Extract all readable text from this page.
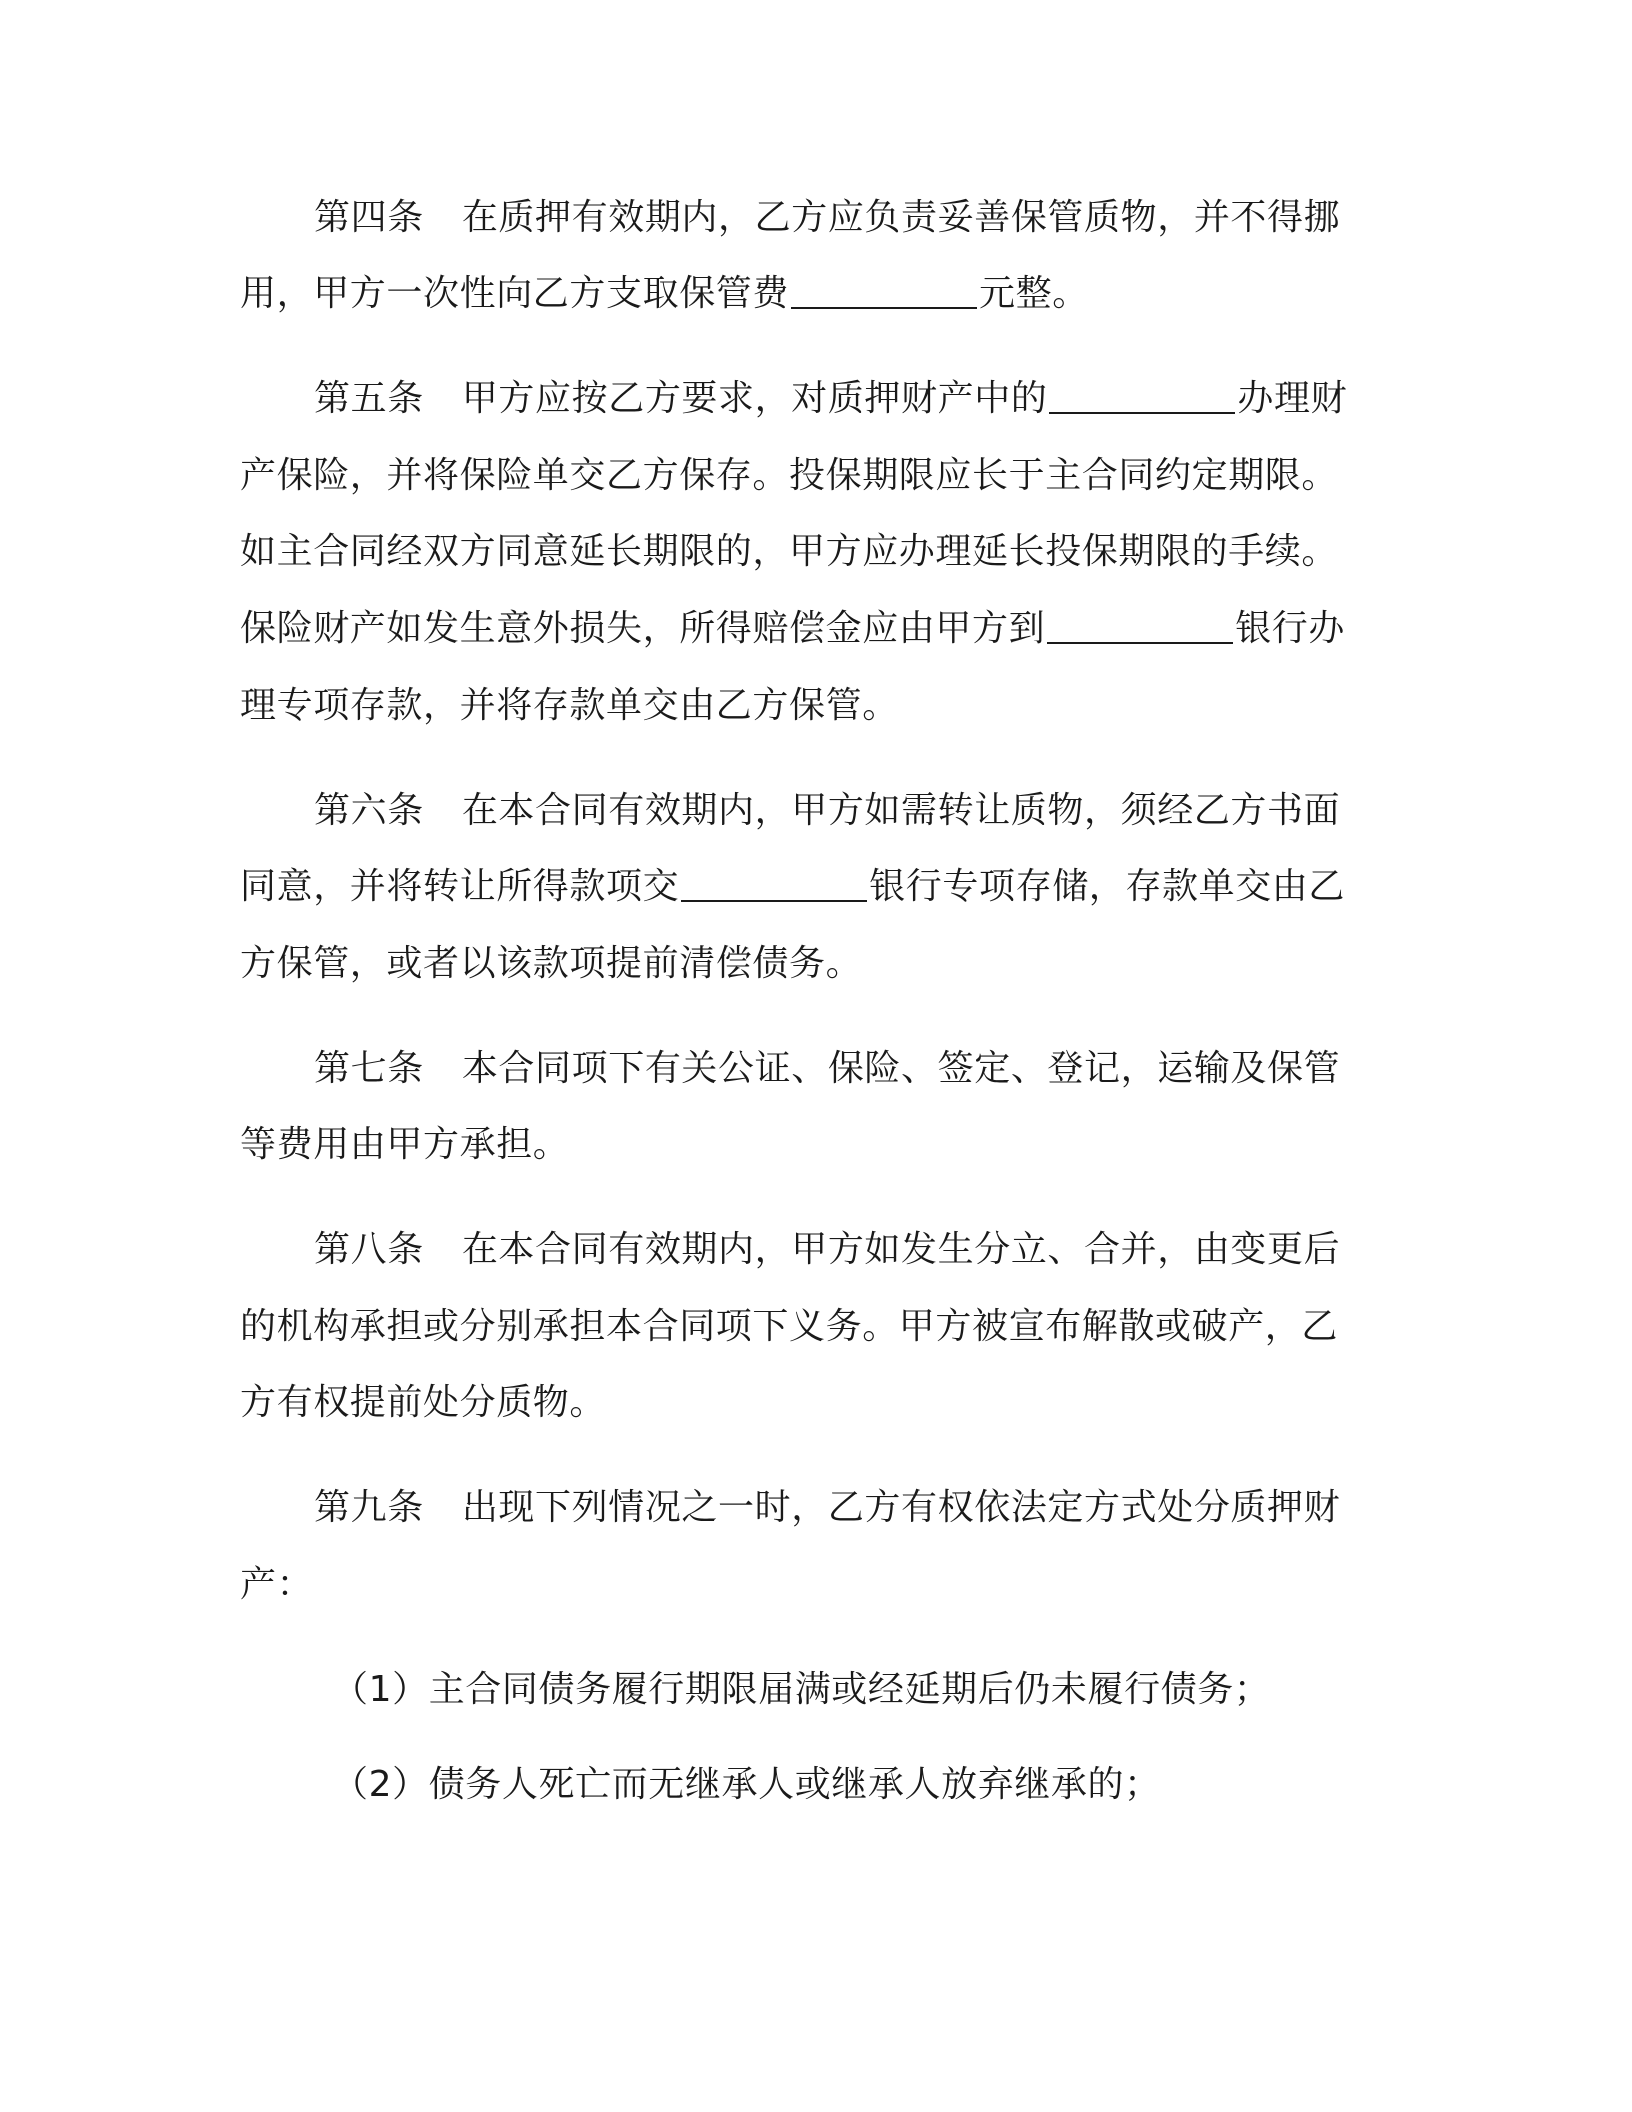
第四条 在质押有效期内，乙方应负责妥善保管质物，并不得挪
用，甲方一次性向乙方支取保管费	元整。
第五条 甲方应按乙方要求，对质押财产中的	办理财
产保险，并将保险单交乙方保存。投保期限应长于主合同约定期限。
如主合同经双方同意延长期限的，甲方应办理延长投保期限的手续。
保险财产如发生意外损失，所得赔偿金应由甲方到	银行办
理专项存款，并将存款单交由乙方保管。
第六条 在本合同有效期内，甲方如需转让质物，须经乙方书面
同意，并将转让所得款项交	银行专项存储，存款单交由乙
方保管，或者以该款项提前清偿债务。
第七条 本合同项下有关公证、保险、签定、登记，运输及保管
等费用由甲方承担。
第八条 在本合同有效期内，甲方如发生分立、合并，由变更后
的机构承担或分别承担本合同项下义务。甲方被宣布解散或破产，乙
方有权提前处分质物。
第九条 出现下列情况之一时，乙方有权依法定方式处分质押财
产：
（1）主合同债务履行期限届满或经延期后仍未履行债务；
（2）债务人死亡而无继承人或继承人放弃继承的；
